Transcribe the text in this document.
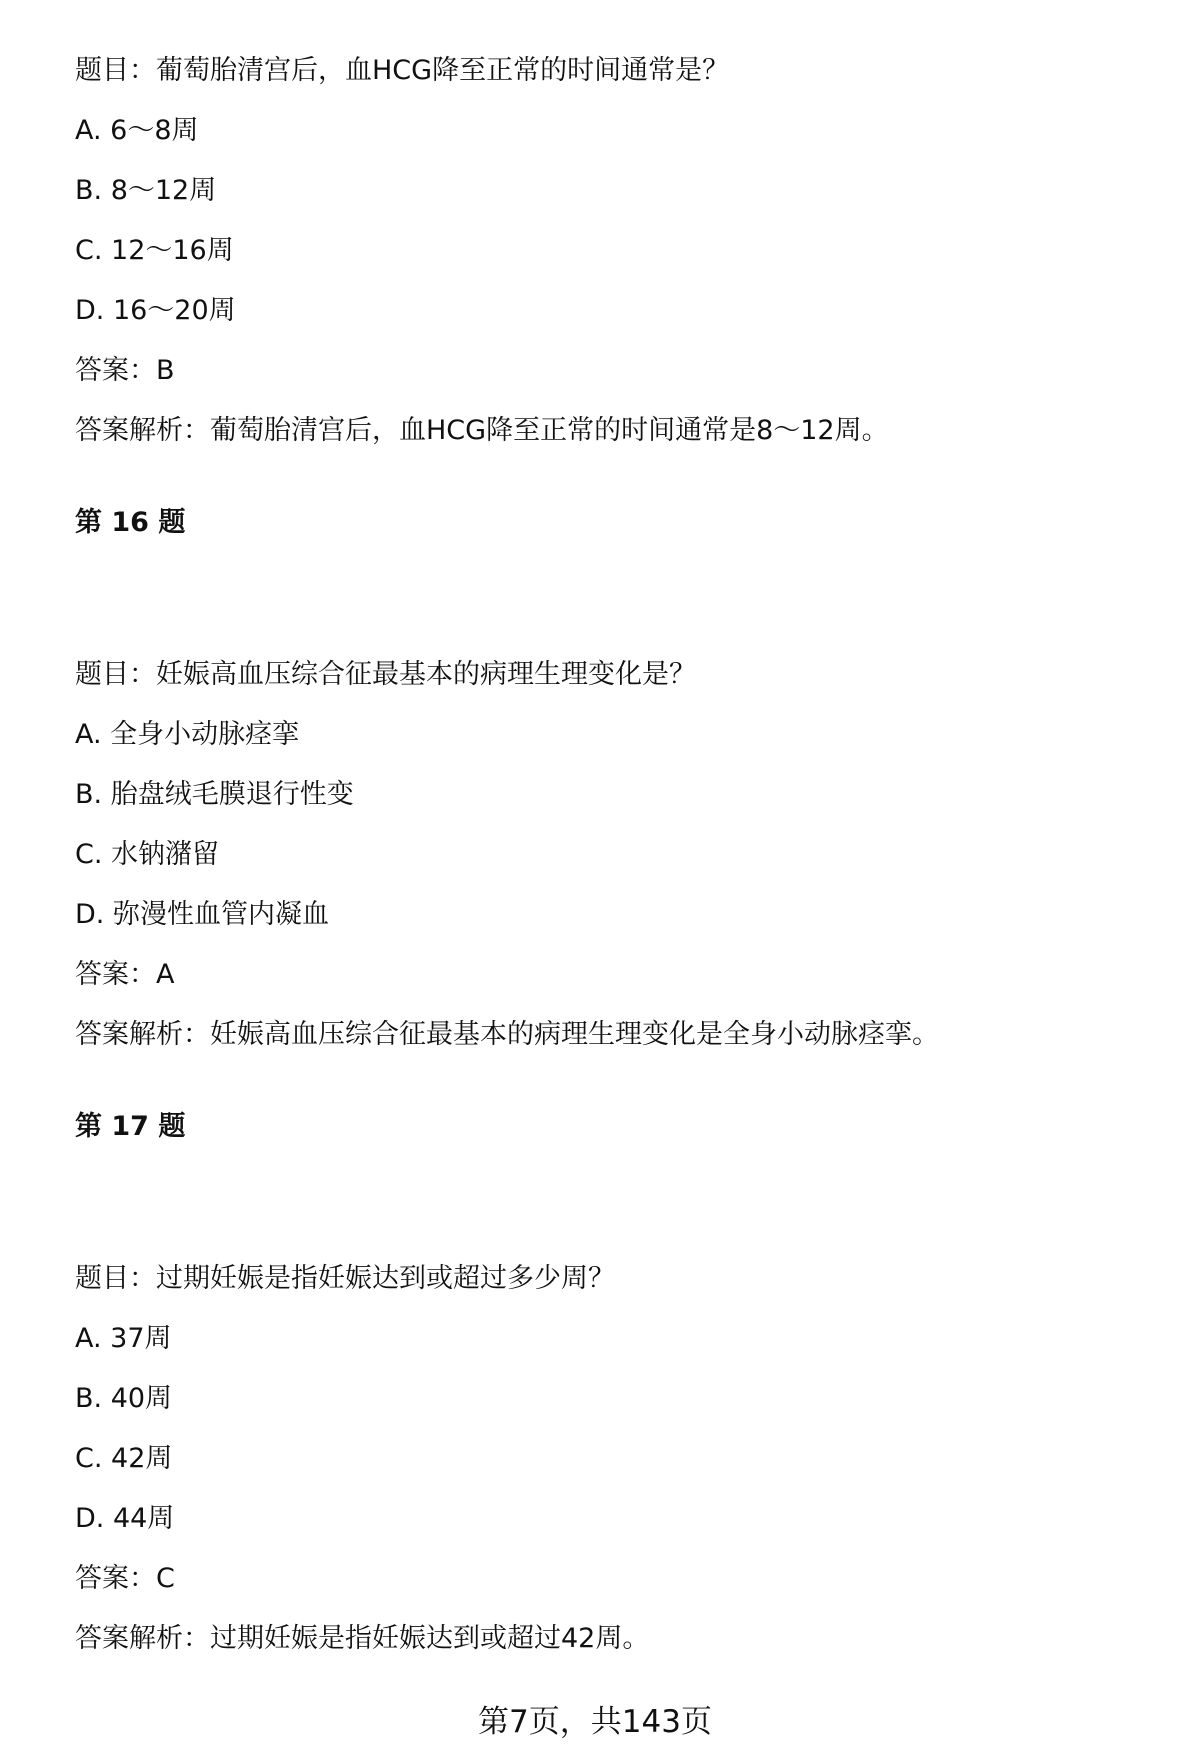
题目：葡萄胎清宫后，血HCG降至正常的时间通常是？
A. 6～8周
B. 8～12周
C. 12～16周
D. 16～20周
答案：B
答案解析：葡萄胎清宫后，血HCG降至正常的时间通常是8～12周。
第 16 题
题目：妊娠高血压综合征最基本的病理生理变化是？
A. 全身小动脉痉挛
B. 胎盘绒毛膜退行性变
C. 水钠潴留
D. 弥漫性血管内凝血
答案：A
答案解析：妊娠高血压综合征最基本的病理生理变化是全身小动脉痉挛。
第 17 题
题目：过期妊娠是指妊娠达到或超过多少周？
A. 37周
B. 40周
C. 42周
D. 44周
答案：C
答案解析：过期妊娠是指妊娠达到或超过42周。
第7页，共143页
